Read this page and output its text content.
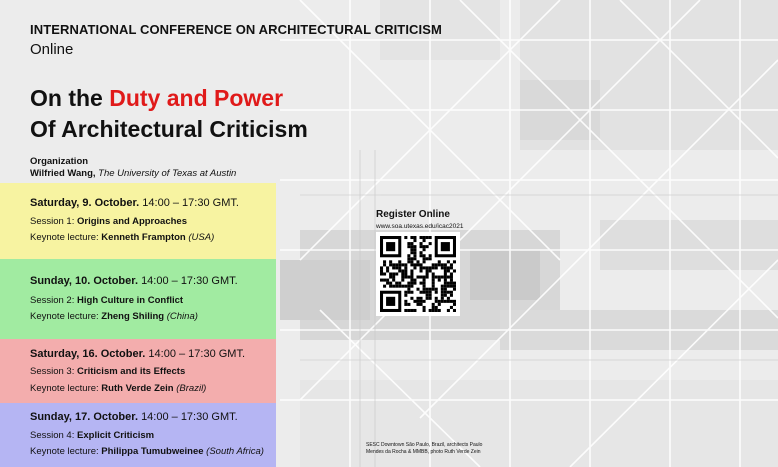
INTERNATIONAL CONFERENCE ON ARCHITECTURAL CRITICISM
Online
On the Duty and Power
Of Architectural Criticism
Organization
Wilfried Wang, The University of Texas at Austin
Saturday, 9. October. 14:00 – 17:30 GMT.
Session 1: Origins and Approaches
Keynote lecture: Kenneth Frampton (USA)
Sunday, 10. October. 14:00 – 17:30 GMT.
Session 2: High Culture in Conflict
Keynote lecture: Zheng Shiling (China)
Saturday, 16. October. 14:00 – 17:30 GMT.
Session 3: Criticism and its Effects
Keynote lecture: Ruth Verde Zein (Brazil)
Sunday, 17. October. 14:00 – 17:30 GMT.
Session 4: Explicit Criticism
Keynote lecture: Philippa Tumubweinee (South Africa)
Register Online
www.soa.utexas.edu/icac2021
SESC Downtown São Paulo, Brazil, architects Paulo
Mendes da Rocha & MMBB, photo Ruth Verde Zein
